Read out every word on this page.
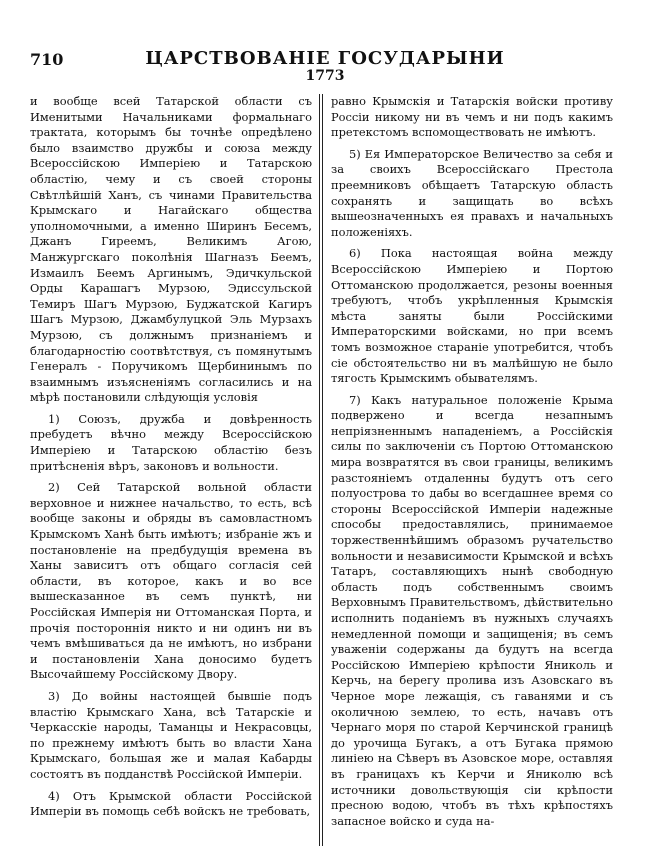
710	ЦАРСТВОВАНІЕ ГОСУДАРЫНИ
1773

и вообще всей Татарской области съ Именитыми Начальниками формальнаго трактата, которымъ бы точнѣе опредѣлено было взаимство дружбы и союза между Всероссійскою Имперіею и Татарскою областію, чему и съ своей стороны Свѣтлѣйшій Ханъ, съ чинами Правительства Крымскаго и Нагайскаго общества уполномочными, а именно Ширинъ Бесемъ, Джанъ Гиреемъ, Великимъ Агою, Манжургскаго поколѣнія Шагназъ Беемъ, Измаилъ Беемъ Аргинымъ, Эдичкульской Орды Карашагъ Мурзою, Эдиссульской Темиръ Шагъ Мурзою, Буджатской Кагиръ Шагъ Мурзою, Джамбулуцкой Эль Мурзахъ Мурзою, съ должнымъ признаніемъ и благодарностію соотвѣтствуя, съ помянутымъ Генералъ - Поручикомъ Щербининымъ по взаимнымъ изъясненіямъ согласились и на мѣрѣ постановили слѣдующія условія

1) Союзъ, дружба и довѣренность пребудетъ вѣчно между Всероссійскою Имперіею и Татарскою областію безъ притѣсненія вѣръ, законовъ и вольности.

2) Сей Татарской вольной области верховное и нижнее начальство, то есть, всѣ вообще законы и обряды въ самовластномъ Крымскомъ Ханѣ быть имѣютъ; избраніе жъ и постановленіе на предбудущія времена въ Ханы зависитъ отъ общаго согласія сей области, въ которое, какъ и во все вышесказанное въ семъ пунктѣ, ни Россійская Имперія ни Оттоманская Порта, и прочія постороннія никто и ни одинъ ни въ чемъ вмѣшиваться да не имѣютъ, но избрани и постановленіи Хана доносимо будетъ Высочайшему Россійскому Двору.

3) До войны настоящей бывшіе подъ властію Крымскаго Хана, всѣ Татарскіе и Черкасскіе народы, Таманцы и Некрасовцы, по прежнему имѣютъ быть во власти Хана Крымскаго, большая же и малая Кабарды состоятъ въ подданствѣ Россійской Имперіи.

4) Отъ Крымской области Россійской Имперіи въ помощь себѣ войскъ не требовать,

равно Крымскія и Татарскія войски противу Россіи никому ни въ чемъ и ни подъ какимъ претекстомъ вспомоществовать не имѣютъ.

5) Ея Императорское Величество за себя и за своихъ Всероссійскаго Престола преемниковъ обѣщаетъ Татарскую область сохранять и защищать во всѣхъ вышеозначенныхъ ея правахъ и начальныхъ положеніяхъ.

6) Пока настоящая война между Всероссійскою Имперіею и Портою Оттоманскою продолжается, резоны военныя требуютъ, чтобъ укрѣпленныя Крымскія мѣста заняты были Россійскими Императорскими войсками, но при всемъ томъ возможное стараніе употребится, чтобъ сіе обстоятельство ни въ малѣйшую не было тягость Крымскимъ обывателямъ.

7) Какъ натуральное положеніе Крыма подвержено и всегда незапнымъ непріязненнымъ нападеніемъ, а Россійскія силы по заключеніи съ Портою Оттоманскою мира возвратятся въ свои границы, великимъ разстояніемъ отдаленны будутъ отъ сего полуострова то дабы во всегдашнее время со стороны Всероссійской Имперіи надежные способы предоставлялись, принимаемое торжественнѣйшимъ образомъ ручательство вольности и независимости Крымской и всѣхъ Татаръ, составляющихъ нынѣ свободную область подъ собственнымъ своимъ Верховнымъ Правительствомъ, дѣйствительно исполнить поданіемъ въ нужныхъ случаяхъ немедленной помощи и защищенія; въ семъ уваженіи содержаны да будутъ на всегда Россійскою Имперіею крѣпости Яниколь и Керчь, на берегу пролива изъ Азовскаго въ Черное море лежащія, съ гаванями и съ околичною землею, то есть, начавъ отъ Чернаго моря по старой Керчинской границѣ до урочища Бугакъ, а отъ Бугака прямою линіею на Сѣверъ въ Азовское море, оставляя въ границахъ къ Керчи и Яниколю всѣ источники довольствующія сіи крѣпости пресною водою, чтобъ въ тѣхъ крѣпостяхъ запасное войско и суда на-
